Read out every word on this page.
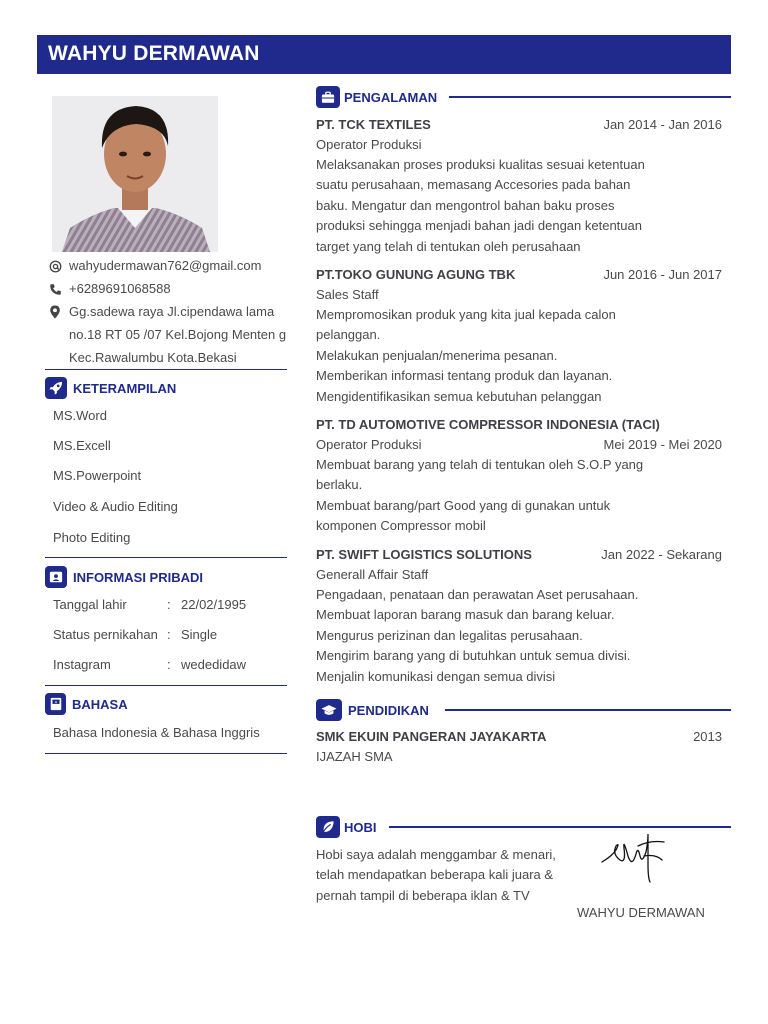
WAHYU DERMAWAN
wahyudermawan762@gmail.com
+6289691068588
Gg.sadewa raya Jl.cipendawa lama no.18 RT 05 /07 Kel.Bojong Menten g Kec.Rawalumbu Kota.Bekasi
KETERAMPILAN
MS.Word
MS.Excell
MS.Powerpoint
Video & Audio Editing
Photo Editing
INFORMASI PRIBADI
Tanggal lahir	: 22/02/1995
Status pernikahan : Single
Instagram	: wededidaw
A BAHASA
Bahasa Indonesia & Bahasa Inggris
PENGALAMAN
PT. TCK TEXTILES	Jan 2014 - Jan 2016
Operator Produksi
Melaksanakan proses produksi kualitas sesuai ketentuan
suatu perusahaan, memasang Accesories pada bahan
baku. Mengatur dan mengontrol bahan baku proses
produksi sehingga menjadi bahan jadi dengan ketentuan
target yang telah di tentukan oleh perusahaan
PT.TOKO GUNUNG AGUNG TBK	Jun 2016 - Jun 2017
Sales Staff
Mempromosikan produk yang kita jual kepada calon
pelanggan.
Melakukan penjualan/menerima pesanan.
Memberikan informasi tentang produk dan layanan.
Mengidentifikasikan semua kebutuhan pelanggan
PT. TD AUTOMOTIVE COMPRESSOR INDONESIA (TACI)
Mei 2019 - Mei 2020
Operator Produksi
Membuat barang yang telah di tentukan oleh S.O.P yang
berlaku.
Membuat barang/part Good yang di gunakan untuk
komponen Compressor mobil
PT. SWIFT LOGISTICS SOLUTIONS	Jan 2022 - Sekarang
Generall Affair Staff
Pengadaan, penataan dan perawatan Aset perusahaan.
Membuat laporan barang masuk dan barang keluar.
Mengurus perizinan dan legalitas perusahaan.
Mengirim barang yang di butuhkan untuk semua divisi.
Menjalin komunikasi dengan semua divisi
PENDIDIKAN
SMK EKUIN PANGERAN JAYAKARTA	2013
IJAZAH SMA
HOBI
Hobi saya adalah menggambar & menari,
telah mendapatkan beberapa kali juara &
pernah tampil di beberapa iklan & TV
WAHYU DERMAWAN
